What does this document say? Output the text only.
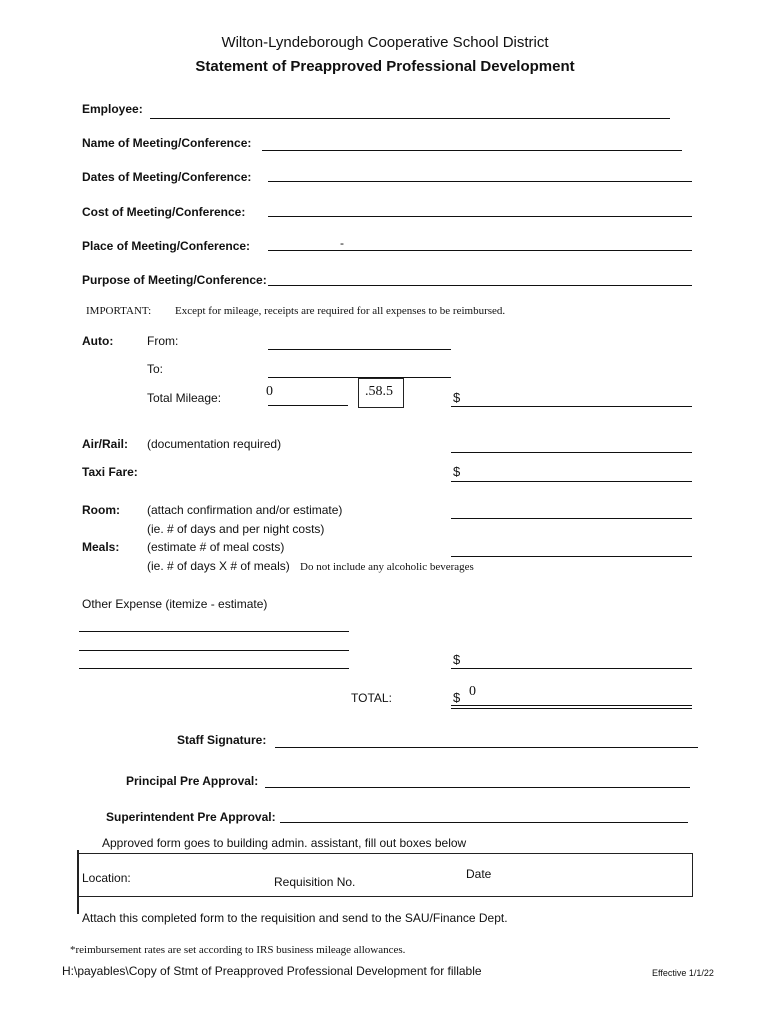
Wilton-Lyndeborough Cooperative School District
Statement of Preapproved Professional Development
Employee:
Name of Meeting/Conference:
Dates of Meeting/Conference:
Cost of Meeting/Conference:
Place of Meeting/Conference:	-
Purpose of Meeting/Conference:
IMPORTANT: Except for mileage, receipts are required for all expenses to be reimbursed.
Auto:	From:
To:
Total Mileage:	0	.58.5	$
Air/Rail: (documentation required)
Taxi Fare:	$
Room: (attach confirmation and/or estimate)
(ie. # of days and per night costs)
Meals: (estimate # of meal costs)
(ie. # of days X # of meals) Do not include any alcoholic beverages
Other Expense (itemize - estimate)
$
TOTAL:	$ 0
Staff Signature:
Principal Pre Approval:
Superintendent Pre Approval:
Approved form goes to building admin. assistant, fill out boxes below
Location:	Requisition No.
Date
Attach this completed form to the requisition and send to the SAU/Finance Dept.
*reimbursement rates are set according to IRS business mileage allowances.
H:\payables\Copy of Stmt of Preapproved Professional Development for fillable	Effective 1/1/22
